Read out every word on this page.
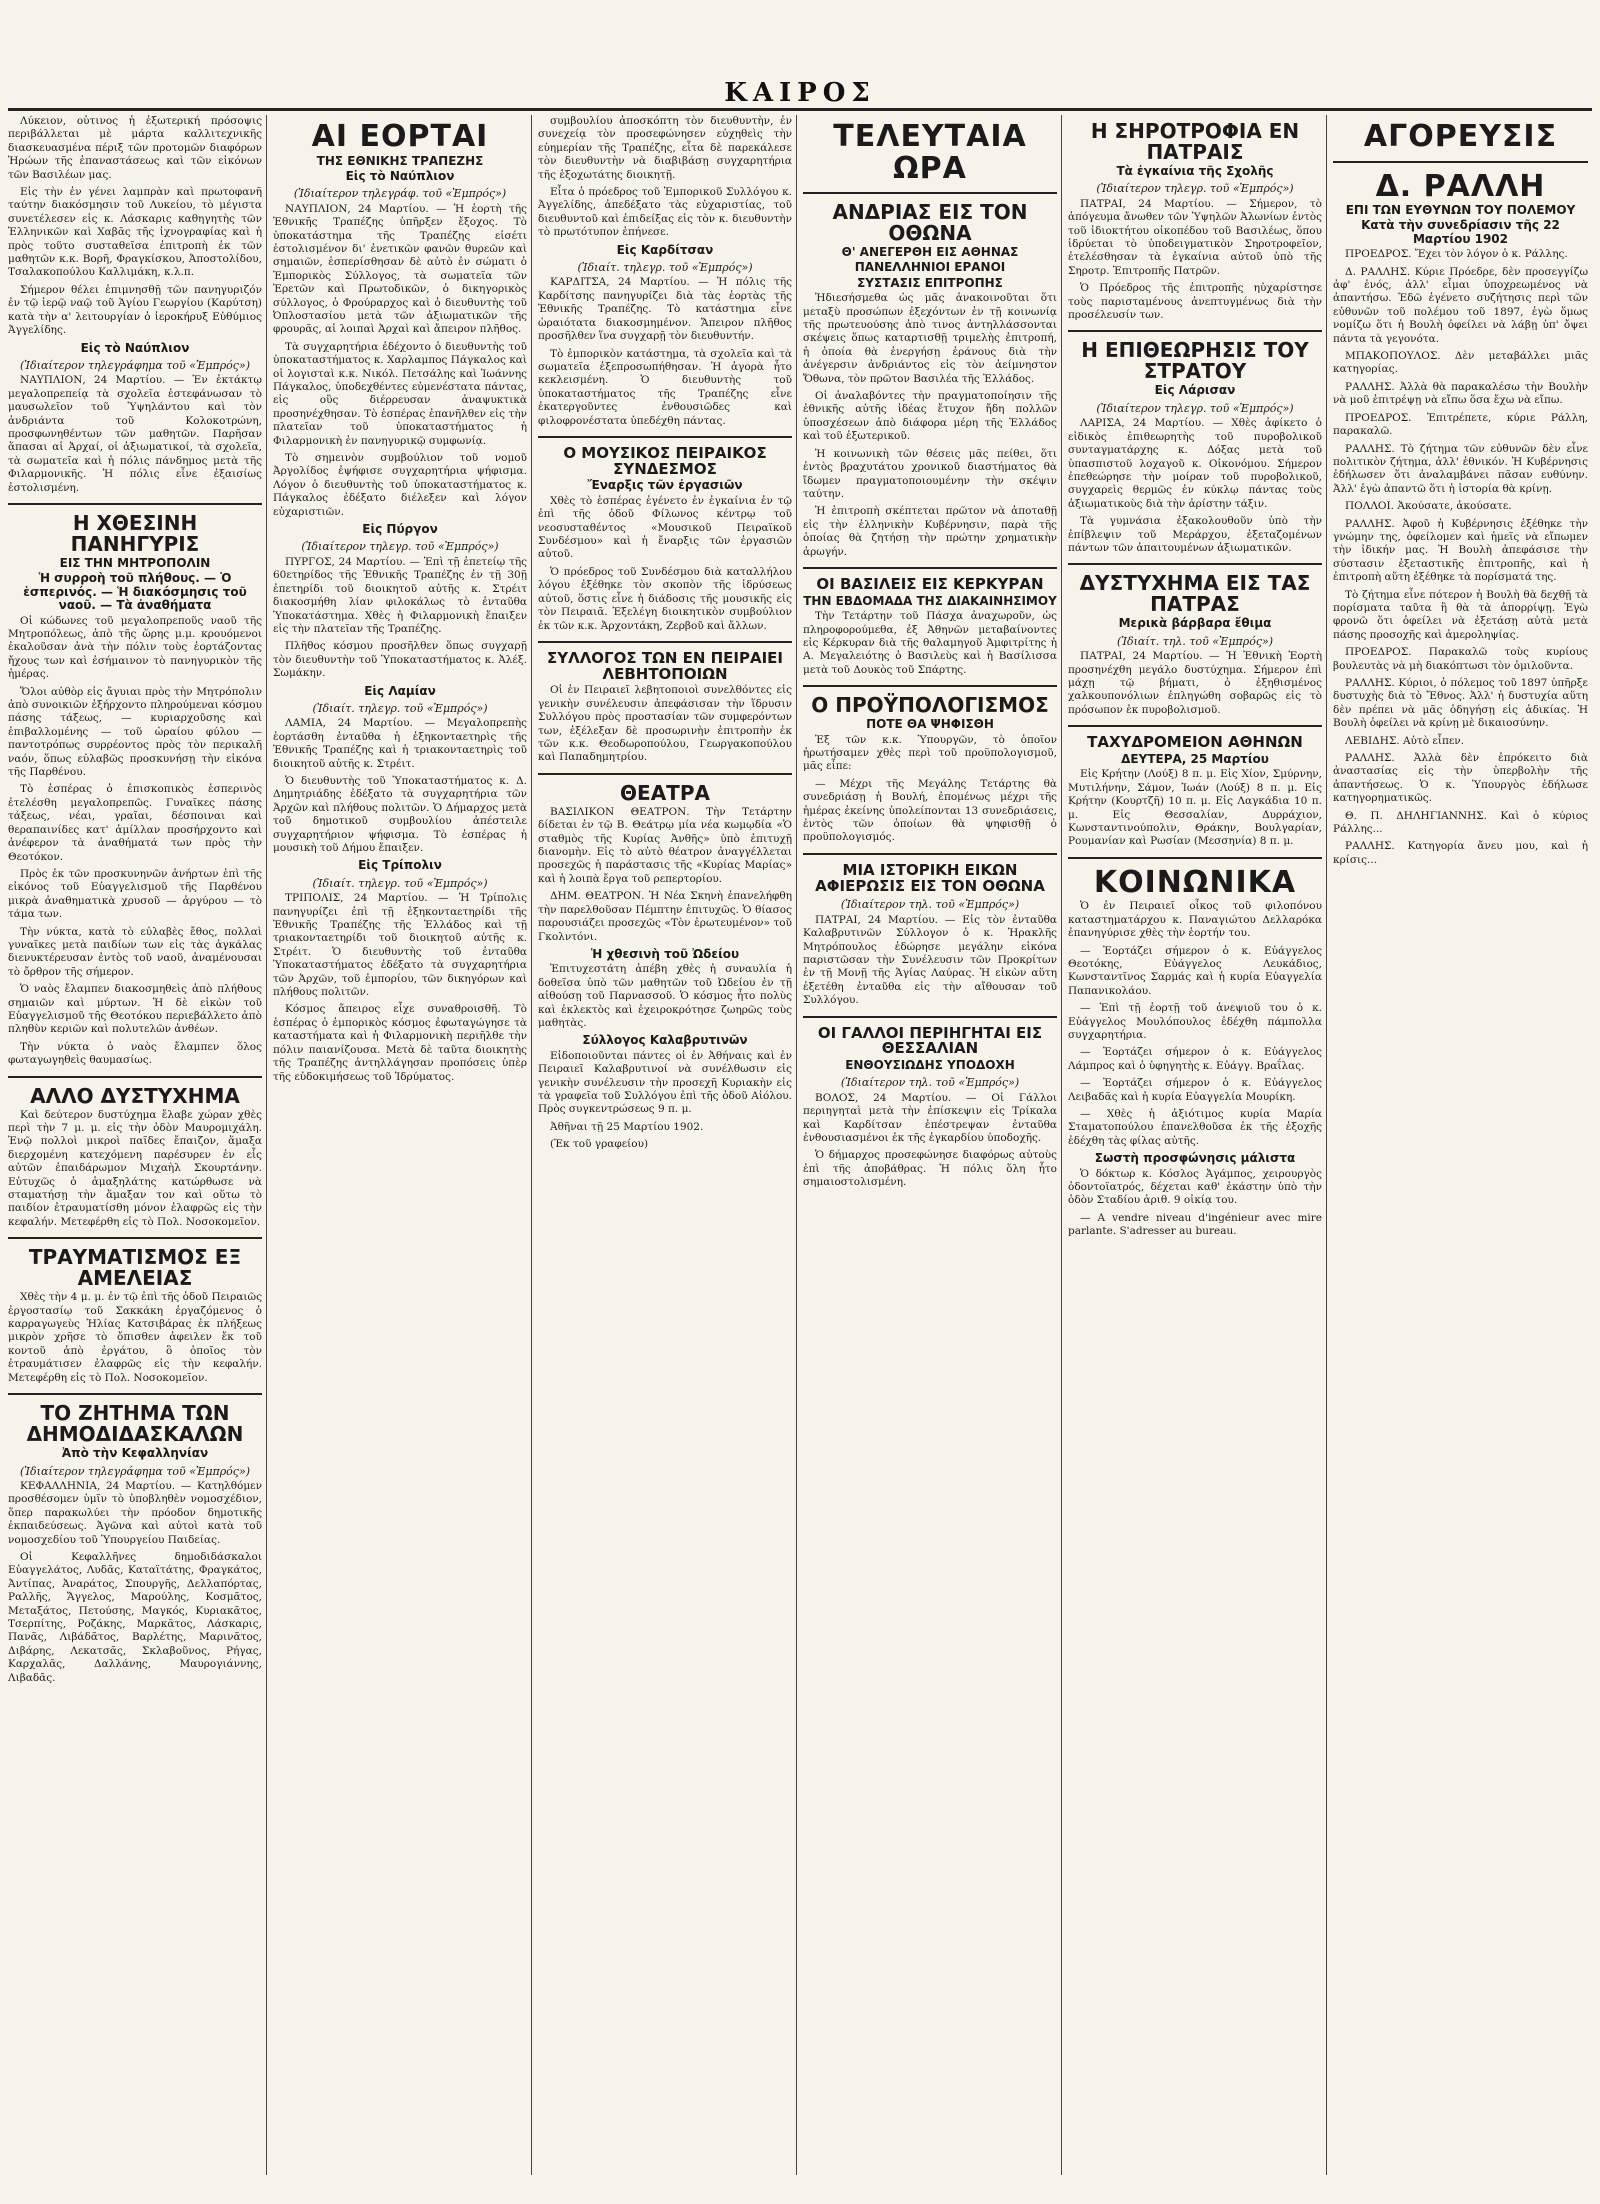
ΚΑΙΡΟΣ

Λύκειον, οὗτινος ἡ ἐξωτερική πρόσοψις περιβάλλεται μὲ μάρτα καλλιτεχνικῆς διασκευασμένα πέριξ τῶν προτομῶν διαφόρων Ἡρώων τῆς ἐπαναστάσεως καὶ τῶν εἰκόνων τῶν Βασιλέων μας.

Εἰς τὴν ἐν γένει λαμπρὰν καὶ πρωτοφανῆ ταύτην διακόσμησιν τοῦ Λυκείου, τὸ μέγιστα συνετέλεσεν εἰς κ. Λάσκαρις καθηγητὴς τῶν Ἑλληνικῶν καὶ Χαβᾶς τῆς ἰχνογραφίας καὶ ἡ πρὸς τοῦτο συσταθεῖσα ἐπιτροπὴ ἐκ τῶν μαθητῶν κ.κ. Βορῆ, Φραγκίσκου, Ἀποστολίδου, Τσαλακοπούλου Καλλιμάκη, κ.λ.π.

Σήμερον θέλει ἐπιμνησθῇ τῶν πανηγυριζόν ἐν τῷ ἱερῷ ναῷ τοῦ Ἁγίου Γεωργίου (Καρύτση) κατὰ τὴν α' λειτουργίαν ὁ ἱεροκήρυξ Εὐθύμιος Ἀγγελίδης.

Εἰς τὸ Ναύπλιον
(Ἰδιαίτερον τηλεγράφημα τοῦ «Ἐμπρός»)

ΝΑΥΠΛΙΟΝ, 24 Μαρτίου. — Ἐν ἐκτάκτῳ μεγαλοπρεπείᾳ τὰ σχολεῖα ἑστεφάνωσαν τὸ μαυσωλεῖον τοῦ Ὑψηλάντου καὶ τὸν ἀνδριάντα τοῦ Κολοκοτρώνη, προσφωνηθέντων τῶν μαθητῶν. Παρῆσαν ἅπασαι αἱ Ἀρχαί, οἱ ἀξιωματικοί, τὰ σχολεῖα, τὰ σωματεῖα καὶ ἡ πόλις πάνδημος μετὰ τῆς Φιλαρμονικῆς. Ἡ πόλις εἶνε ἐξαισίως ἐστολισμένη.

Η ΧΘΕΣΙΝΗ ΠΑΝΗΓΥΡΙΣ
ΕΙΣ ΤΗΝ ΜΗΤΡΟΠΟΛΙΝ
Ἡ συρροὴ τοῦ πλήθους. — Ὁ ἑσπερινός. — Ἡ διακόσμησις τοῦ ναοῦ. — Τὰ ἀναθήματα

Οἱ κώδωνες τοῦ μεγαλοπρεποῦς ναοῦ τῆς Μητροπόλεως, ἀπὸ τῆς ὥρης μ.μ. κρουόμενοι ἐκαλοῦσαν ἀνὰ τὴν πόλιν τοὺς ἑορτάζοντας ἤχους των καὶ ἐσήμαινον τὸ πανηγυρικὸν τῆς ἡμέρας.

Ὅλοι αὐθὸρ εἰς ἄγυιαι πρὸς τὴν Μητρόπολιν ἀπὸ συνοικιῶν ἐξήρχοντο πληρούμεναι κόσμου πάσης τάξεως, — κυριαρχοῦσης καὶ ἐπιβαλλομένης — τοῦ ὡραίου φύλου — παντοτρόπως συρρέοντος πρὸς τὸν περικαλῆ ναόν, ὅπως εὐλαβῶς προσκυνήσῃ τὴν εἰκόνα τῆς Παρθένου.

Τὸ ἑσπέρας ὁ ἐπισκοπικὸς ἑσπερινὸς ἐτελέσθη μεγαλοπρεπῶς. Γυναῖκες πάσης τάξεως, νέαι, γραῖαι, δέσποιναι καὶ θεραπαινίδες κατ' ἀμίλλαν προσήρχοντο καὶ ἀνέφερον τὰ ἀναθήματά των πρὸς τὴν Θεοτόκον.

Πρὸς ἐκ τῶν προσκυνηνῶν ἀνήρτων ἐπὶ τῆς εἰκόνος τοῦ Εὐαγγελισμοῦ τῆς Παρθένου μικρὰ ἀναθηματικὰ χρυσοῦ — ἀργύρου — τὸ τάμα των.

Τὴν νύκτα, κατὰ τὸ εὐλαβὲς ἔθος, πολλαὶ γυναῖκες μετὰ παιδίων των εἰς τὰς ἀγκάλας διενυκτέρευσαν ἐντὸς τοῦ ναοῦ, ἀναμένουσαι τὸ ὄρθρον τῆς σήμερον.

Ὁ ναὸς ἔλαμπεν διακοσμηθεὶς ἀπὸ πλήθους σημαιῶν καὶ μύρτων. Ἡ δὲ εἰκὼν τοῦ Εὐαγγελισμοῦ τῆς Θεοτόκου περιεβάλλετο ἀπὸ πληθὺν κεριῶν καὶ πολυτελῶν ἀνθέων.

Τὴν νύκτα ὁ ναὸς ἔλαμπεν ὅλος φωταγωγηθεὶς θαυμασίως.

ΑΛΛΟ ΔΥΣΤΥΧΗΜΑ

Καὶ δεύτερον δυστύχημα ἔλαβε χώραν χθὲς περὶ τὴν 7 μ. μ. εἰς τὴν ὁδὸν Μαυρομιχάλη. Ἐνῷ πολλοὶ μικροὶ παῖδες ἔπαιζον, ἅμαξα διερχομένη κατεχόμενη παρέσυρεν ἐν εἷς αὐτῶν ἐπαιδάρωμον Μιχαὴλ Σκουρτάνην. Εὐτυχῶς ὁ ἁμαξηλάτης κατώρθωσε νὰ σταματήσῃ τὴν ἅμαξαν τον καὶ οὕτω τὸ παιδίον ἐτραυματίσθη μόνον ἐλαφρῶς εἰς τὴν κεφαλήν. Μετεφέρθη εἰς τὸ Πολ. Νοσοκομεῖον.

ΤΡΑΥΜΑΤΙΣΜΟΣ ΕΞ ΑΜΕΛΕΙΑΣ

Χθὲς τὴν 4 μ. μ. ἐν τῷ ἐπὶ τῆς ὁδοῦ Πειραιῶς ἐργοστασίῳ τοῦ Σακκάκη ἐργαζόμενος ὁ καρραγωγεὺς Ἠλίας Κατσιβάρας ἐκ πλήξεως μικρὸν χρῆσε τὸ ὄπισθεν ἀφειλεν ἔκ τοῦ κοντοῦ ἀπὸ ἐργάτου, ὃ ὁποῖος τὸν ἐτραυμάτισεν ἐλαφρῶς εἰς τὴν κεφαλήν. Μετεφέρθη εἰς τὸ Πολ. Νοσοκομεῖον.

ΤΟ ΖΗΤΗΜΑ ΤΩΝ ΔΗΜΟΔΙΔΑΣΚΑΛΩΝ
Ἀπὸ τὴν Κεφαλληνίαν
(Ἰδιαίτερον τηλεγράφημα τοῦ «Ἐμπρός»)

ΚΕΦΑΛΛΗΝΙΑ, 24 Μαρτίου. — Κατηλθόμεν προσθέσομεν ὑμῖν τὸ ὑποβληθὲν νομοσχέδιον, ὅπερ παρακωλύει τὴν πρόοδον δημοτικῆς ἐκπαιδεύσεως. Ἀγῶνα καὶ αὐτοὶ κατὰ τοῦ νομοσχεδίου τοῦ Ὑπουργείου Παιδείας.

Οἱ Κεφαλλῆνες δημοδιδάσκαλοι Εὐαγγελάτος, Λυδᾶς, Καταϊτάτης, Φραγκάτος, Ἀντίπας, Ἀναράτος, Σπουργῆς, Δελλαπόρτας, Ραλλῆς, Ἄγγελος, Μαρούλης, Κοσμᾶτος, Μεταξάτος, Πετούσης, Μαγκός, Κυριακᾶτος, Τσερπίτης, Ροζάκης, Μαρκᾶτος, Λάσκαρις, Πανᾶς, Λιβάδᾶτος, Βαρλέτης, Μαρινᾶτος, Διβάρης, Λεκατσᾶς, Σκλαβοῦνος, Ρήγας, Καρχαλᾶς, Δαλλάνης, Μαυρογιάννης, Λιβαδᾶς.

ΑΙ ΕΟΡΤΑΙ
ΤΗΣ ΕΘΝΙΚΗΣ ΤΡΑΠΕΖΗΣ
Εἰς τὸ Ναύπλιον
(Ἰδιαίτερον τηλεγράφ. τοῦ «Ἐμπρός»)

ΝΑΥΠΛΙΟΝ, 24 Μαρτίου. — Ἡ ἑορτὴ τῆς Ἐθνικῆς Τραπέζης ὑπῆρξεν ἔξοχος. Τὸ ὑποκατάστημα τῆς Τραπέζης εἰσέτι ἐστολισμένον δι' ἐνετικῶν φανῶν θυρεῶν καὶ σημαιῶν, ἑσπερίσθησαν δὲ αὐτὸ ἐν σώματι ὁ Ἐμπορικὸς Σύλλογος, τὰ σωματεῖα τῶν Ἐρετῶν καὶ Πρωτοδικῶν, ὁ δικηγορικὸς σύλλογος, ὁ Φρούραρχος καὶ ὁ διευθυντὴς τοῦ Ὀπλοστασίου μετὰ τῶν ἀξιωματικῶν τῆς φρουρᾶς, αἱ λοιπαὶ Ἀρχαὶ καὶ ἄπειρον πλῆθος.

Τὰ συγχαρητήρια ἐδέχοντο ὁ διευθυντὴς τοῦ ὑποκαταστήματος κ. Χαρλαμπος Πάγκαλος καὶ οἱ λογισταὶ κ.κ. Νικόλ. Πετσάλης καὶ Ἰωάννης Πάγκαλος, ὑποδεχθέντες εὐμενέστατα πάντας, εἰς οὓς διέρρευσαν ἀναψυκτικὰ προσηνέχθησαν. Τὸ ἑσπέρας ἐπανῆλθεν εἰς τὴν πλατεῖαν τοῦ ὑποκαταστήματος ἡ Φιλαρμονικὴ ἐν πανηγυρικῷ συμφωνίᾳ.

Τὸ σημεινὸν συμβούλιον τοῦ νομοῦ Ἀργολίδος ἐψήφισε συγχαρητήρια ψήφισμα. Λόγον ὁ διευθυντὴς τοῦ ὑποκαταστήματος κ. Πάγκαλος ἐδέξατο διέλεξεν καὶ λόγον εὐχαριστιῶν.

Εἰς Πύργον
(Ἰδιαίτερον τηλεγρ. τοῦ «Ἐμπρός»)

ΠΥΡΓΟΣ, 24 Μαρτίου. — Ἐπὶ τῇ ἐπετείῳ τῆς 60ετηρίδος τῆς Ἐθνικῆς Τραπέζης ἐν τῇ 30ῇ ἐπετηρίδι τοῦ διοικητοῦ αὐτῆς κ. Στρέιτ διακοσμήθη λίαν φιλοκάλως τὸ ἐνταῦθα Ὑποκατάστημα. Χθὲς ἡ Φιλαρμονικὴ ἔπαιξεν εἰς τὴν πλατεῖαν τῆς Τραπέζης.

Πλῆθος κόσμου προσῆλθεν ὅπως συγχαρῇ τὸν διευθυντὴν τοῦ Ὑποκαταστήματος κ. Ἀλέξ. Σωμάκην.

Εἰς Λαμίαν
(Ἰδιαίτ. τηλεγρ. τοῦ «Ἐμπρός»)

ΛΑΜΙΑ, 24 Μαρτίου. — Μεγαλοπρεπὴς ἑορτάσθη ἐνταῦθα ἡ ἑξηκονταετηρὶς τῆς Ἐθνικῆς Τραπέζης καὶ ἡ τριακονταετηρὶς τοῦ διοικητοῦ αὐτῆς κ. Στρέιτ.

Ὁ διευθυντὴς τοῦ Ὑποκαταστήματος κ. Δ. Δημητριάδης ἐδέξατο τὰ συγχαρητήρια τῶν Ἀρχῶν καὶ πλήθους πολιτῶν. Ὁ Δήμαρχος μετὰ τοῦ δημοτικοῦ συμβουλίου ἀπέστειλε συγχαρητήριον ψήφισμα. Τὸ ἑσπέρας ἡ μουσικὴ τοῦ Δήμου ἔπαιξεν.

Εἰς Τρίπολιν
(Ἰδιαίτ. τηλεγρ. τοῦ «Ἐμπρός»)

ΤΡΙΠΟΛΙΣ, 24 Μαρτίου. — Ἡ Τρίπολις πανηγυρίζει ἐπὶ τῇ ἑξηκονταετηρίδι τῆς Ἐθνικῆς Τραπέζης τῆς Ἑλλάδος καὶ τῇ τριακονταετηρίδι τοῦ διοικητοῦ αὐτῆς κ. Στρέιτ. Ὁ διευθυντὴς τοῦ ἐνταῦθα Ὑποκαταστήματος ἐδέξατο τὰ συγχαρητήρια τῶν Ἀρχῶν, τοῦ ἐμπορίου, τῶν δικηγόρων καὶ πλήθους πολιτῶν.

Κόσμος ἄπειρος εἶχε συναθροισθῆ. Τὸ ἑσπέρας ὁ ἐμπορικὸς κόσμος ἐφωταγώγησε τὰ καταστήματα καὶ ἡ Φιλαρμονικὴ περιῆλθε τὴν πόλιν παιανίζουσα. Μετὰ δὲ ταῦτα διοικητὴς τῆς Τραπέζης ἀντηλλάγησαν προπόσεις ὑπὲρ τῆς εὐδοκιμήσεως τοῦ Ἱδρύματος.

συμβουλίου ἀποσκόπτη τὸν διευθυντὴν, ἐν συνεχείᾳ τὸν προσεφώνησεν εὐχηθεὶς τὴν εὐημερίαν τῆς Τραπέζης, εἶτα δὲ παρεκάλεσε τὸν διευθυντὴν νὰ διαβιβάσῃ συγχαρητήρια τῆς ἑξοχωτάτης διοικητῇ.

Εἶτα ὁ πρόεδρος τοῦ Ἐμπορικοῦ Συλλόγου κ. Ἀγγελίδης, ἀπεδέξατο τὰς εὐχαριστίας, τοῦ διευθυντοῦ καὶ ἐπιδείξας εἰς τὸν κ. διευθυντὴν τὸ πρωτότυπον ἐπήνεσε.

Εἰς Καρδίτσαν
(Ἰδιαίτ. τηλεγρ. τοῦ «Ἐμπρός»)

ΚΑΡΔΙΤΣΑ, 24 Μαρτίου. — Ἡ πόλις τῆς Καρδίτσης πανηγυρίζει διὰ τὰς ἑορτὰς τῆς Ἐθνικῆς Τραπέζης. Τὸ κατάστημα εἶνε ὡραιότατα διακοσμημένον. Ἄπειρον πλῆθος προσῆλθεν ἵνα συγχαρῇ τὸν διευθυντήν.

Τὸ ἐμπορικὸν κατάστημα, τὰ σχολεῖα καὶ τὰ σωματεῖα ἐξεπροσωπήθησαν. Ἡ ἀγορὰ ἦτο κεκλεισμένη. Ὁ διευθυντὴς τοῦ ὑποκαταστήματος τῆς Τραπέζης εἶνε ἐκατεργοῦντες ἐνθουσιῶδες καὶ φιλοφρονέστατα ὑπεδέχθη πάντας.

Ο ΜΟΥΣΙΚΟΣ ΠΕΙΡΑΙΚΟΣ ΣΥΝΔΕΣΜΟΣ
Ἔναρξις τῶν ἐργασιῶν

Χθὲς τὸ ἑσπέρας ἐγένετο ἐν ἐγκαίνια ἐν τῷ ἐπὶ τῆς ὁδοῦ Φίλωνος κέντρῳ τοῦ νεοσυσταθέντος «Μουσικοῦ Πειραϊκοῦ Συνδέσμου» καὶ ἡ ἔναρξις τῶν ἐργασιῶν αὐτοῦ.

Ὁ πρόεδρος τοῦ Συνδέσμου διὰ καταλλήλου λόγου ἐξέθηκε τὸν σκοπὸν τῆς ἱδρύσεως αὐτοῦ, ὅστις εἶνε ἡ διάδοσις τῆς μουσικῆς εἰς τὸν Πειραιᾶ. Ἐξελέγη διοικητικὸν συμβούλιον ἐκ τῶν κ.κ. Ἀρχοντάκη, Ζερβοῦ καὶ ἄλλων.

ΣΥΛΛΟΓΟΣ ΤΩΝ ΕΝ ΠΕΙΡΑΙΕΙ ΛΕΒΗΤΟΠΟΙΩΝ

Οἱ ἐν Πειραιεῖ λεβητοποιοὶ συνελθόντες εἰς γενικὴν συνέλευσιν ἀπεφάσισαν τὴν ἵδρυσιν Συλλόγου πρὸς προστασίαν τῶν συμφερόντων των, ἐξέλεξαν δὲ προσωρινὴν ἐπιτροπὴν ἐκ τῶν κ.κ. Θεοδωροπούλου, Γεωργακοπούλου καὶ Παπαδημητρίου.

ΘΕΑΤΡΑ

ΒΑΣΙΛΙΚΟΝ ΘΕΑΤΡΟΝ. Τὴν Τετάρτην δίδεται ἐν τῷ Β. Θεάτρῳ μία νέα κωμῳδία «Ὁ σταθμὸς τῆς Κυρίας Ἀνθῆς» ὑπὸ ἐπιτυχῇ διανομὴν. Εἰς τὸ αὐτὸ θέατρον ἀναγγέλλεται προσεχῶς ἡ παράστασις τῆς «Κυρίας Μαρίας» καὶ ἡ λοιπὰ ἔργα τοῦ ρεπερτορίου.

ΔΗΜ. ΘΕΑΤΡΟΝ. Ἡ Νέα Σκηνὴ ἐπανελήφθη τὴν παρελθοῦσαν Πέμπτην ἐπιτυχῶς. Ὁ θίασος παρουσιάζει προσεχῶς «Τὸν ἐρωτευμένον» τοῦ Γκολντόνι.

Ἡ χθεσινὴ τοῦ Ὠδείου

Ἐπιτυχεστάτη ἀπέβη χθὲς ἡ συναυλία ἡ δοθεῖσα ὑπὸ τῶν μαθητῶν τοῦ Ὠδείου ἐν τῇ αἰθούσῃ τοῦ Παρνασσοῦ. Ὁ κόσμος ἦτο πολὺς καὶ ἐκλεκτὸς καὶ ἐχειροκρότησε ζωηρῶς τοὺς μαθητὰς.

Σύλλογος Καλαβρυτινῶν

Εἰδοποιοῦνται πάντες οἱ ἐν Ἀθήναις καὶ ἐν Πειραιεῖ Καλαβρυτινοί νὰ συνέλθωσιν εἰς γενικὴν συνέλευσιν τὴν προσεχῆ Κυριακὴν εἰς τὰ γραφεῖα τοῦ Συλλόγου ἐπὶ τῆς ὁδοῦ Αἰόλου. Πρὸς συγκεντρώσεως 9 π. μ.

Ἀθῆναι τῇ 25 Μαρτίου 1902.

(Ἐκ τοῦ γραφείου)

ΤΕΛΕΥΤΑΙΑ ΩΡΑ
ΑΝΔΡΙΑΣ ΕΙΣ ΤΟΝ ΟΘΩΝΑ
Θ' ΑΝΕΓΕΡΘΗ ΕΙΣ ΑΘΗΝΑΣ
ΠΑΝΕΛΛΗΝΙΟΙ ΕΡΑΝΟΙ
ΣΥΣΤΑΣΙΣ ΕΠΙΤΡΟΠΗΣ

Ἠδιεσήσμεθα ὡς μᾶς ἀνακοινοῦται ὅτι μεταξὺ προσώπων ἐξεχόντων ἐν τῇ κοινωνίᾳ τῆς πρωτευούσης ἀπὸ τινος ἀντηλλάσσονται σκέψεις ὅπως καταρτισθῇ τριμελὴς ἐπιτροπή, ἡ ὁποία θὰ ἐνεργήσῃ ἐράνους διὰ τὴν ἀνέγερσιν ἀνδριάντος εἰς τὸν ἀείμνηστον Ὄθωνα, τὸν πρῶτον Βασιλέα τῆς Ἑλλάδος.

Οἱ ἀναλαβόντες τὴν πραγματοποίησιν τῆς ἐθνικῆς αὐτῆς ἰδέας ἔτυχον ἤδη πολλῶν ὑποσχέσεων ἀπὸ διάφορα μέρη τῆς Ἑλλάδος καὶ τοῦ ἐξωτερικοῦ.

Ἡ κοινωνικὴ τῶν θέσεις μᾶς πείθει, ὅτι ἐντὸς βραχυτάτου χρονικοῦ διαστήματος θὰ ἴδωμεν πραγματοποιουμένην τὴν σκέψιν ταύτην.

Ἡ ἐπιτροπὴ σκέπτεται πρῶτον νὰ ἀποταθῇ εἰς τὴν ἑλληνικὴν Κυβέρνησιν, παρὰ τῆς ὁποίας θὰ ζητήσῃ τὴν πρώτην χρηματικὴν ἀρωγήν.

ΟΙ ΒΑΣΙΛΕΙΣ ΕΙΣ ΚΕΡΚΥΡΑΝ
ΤΗΝ ΕΒΔΟΜΑΔΑ ΤΗΣ ΔΙΑΚΑΙΝΗΣΙΜΟΥ

Τὴν Τετάρτην τοῦ Πάσχα ἀναχωροῦν, ὡς πληροφορούμεθα, ἐξ Ἀθηνῶν μεταβαίνοντες εἰς Κέρκυραν διὰ τῆς θαλαμηγοῦ Ἀμφιτρίτης ἡ Α. Μεγαλειότης ὁ Βασιλεὺς καὶ ἡ Βασίλισσα μετὰ τοῦ Δουκὸς τοῦ Σπάρτης.

Ο ΠΡΟΫΠΟΛΟΓΙΣΜΟΣ
ΠΟΤΕ ΘΑ ΨΗΦΙΣΘΗ

Ἐξ τῶν κ.κ. Ὑπουργῶν, τὸ ὁποῖον ἠρωτήσαμεν χθὲς περὶ τοῦ προϋπολογισμοῦ, μᾶς εἶπε:

— Μέχρι τῆς Μεγάλης Τετάρτης θὰ συνεδριάσῃ ἡ Βουλή, ἐπομένως μέχρι τῆς ἡμέρας ἐκείνης ὑπολείπονται 13 συνεδριάσεις, ἐντὸς τῶν ὁποίων θὰ ψηφισθῇ ὁ προϋπολογισμός.

ΜΙΑ ΙΣΤΟΡΙΚΗ ΕΙΚΩΝ ΑΦΙΕΡΩΣΙΣ ΕΙΣ ΤΟΝ ΟΘΩΝΑ
(Ἰδιαίτερον τηλ. τοῦ «Ἐμπρός»)

ΠΑΤΡΑΙ, 24 Μαρτίου. — Εἰς τὸν ἐνταῦθα Καλαβρυτινῶν Σύλλογον ὁ κ. Ἠρακλῆς Μητρόπουλος ἐδώρησε μεγάλην εἰκόνα παριστῶσαν τὴν Συνέλευσιν τῶν Προκρίτων ἐν τῇ Μονῇ τῆς Ἁγίας Λαύρας. Ἡ εἰκὼν αὕτη ἐξετέθη ἐνταῦθα εἰς τὴν αἴθουσαν τοῦ Συλλόγου.

ΟΙ ΓΑΛΛΟΙ ΠΕΡΙΗΓΗΤΑΙ ΕΙΣ ΘΕΣΣΑΛΙΑΝ
ΕΝΘΟΥΣΙΩΔΗΣ ΥΠΟΔΟΧΗ
(Ἰδιαίτερον τηλ. τοῦ «Ἐμπρός»)

ΒΟΛΟΣ, 24 Μαρτίου. — Οἱ Γάλλοι περιηγηταὶ μετὰ τὴν ἐπίσκεψιν εἰς Τρίκαλα καὶ Καρδίτσαν ἐπέστρεψαν ἐνταῦθα ἐνθουσιασμένοι ἐκ τῆς ἐγκαρδίου ὑποδοχῆς.

Ὁ δήμαρχος προσεφώνησε διαφόρως αὐτοὺς ἐπὶ τῆς ἀποβάθρας. Ἡ πόλις ὅλη ἦτο σημαιοστολισμένη.

Η ΣΗΡΟΤΡΟΦΙΑ ΕΝ ΠΑΤΡΑΙΣ
Τὰ ἐγκαίνια τῆς Σχολῆς
(Ἰδιαίτερον τηλεγρ. τοῦ «Ἐμπρός»)

ΠΑΤΡΑΙ, 24 Μαρτίου. — Σήμερον, τὸ ἀπόγευμα ἄνωθεν τῶν Ὑψηλῶν Ἀλωνίων ἐντὸς τοῦ ἰδιοκτήτου οἰκοπέδου τοῦ Βασιλέως, ὅπου ἱδρύεται τὸ ὑποδειγματικὸν Σηροτροφεῖον, ἐτελέσθησαν τὰ ἐγκαίνια αὐτοῦ ὑπὸ τῆς Σηροτρ. Ἐπιτροπῆς Πατρῶν.

Ὁ Πρόεδρος τῆς ἐπιτροπῆς ηὐχαρίστησε τοὺς παρισταμένους ἀνεπτυγμένως διὰ τὴν προσέλευσίν των.

Η ΕΠΙΘΕΩΡΗΣΙΣ ΤΟΥ ΣΤΡΑΤΟΥ
Εἰς Λάρισαν
(Ἰδιαίτερον τηλεγρ. τοῦ «Ἐμπρός»)

ΛΑΡΙΣΑ, 24 Μαρτίου. — Χθὲς ἀφίκετο ὁ εἰδικὸς ἐπιθεωρητὴς τοῦ πυροβολικοῦ συνταγματάρχης κ. Δόξας μετὰ τοῦ ὑπασπιστοῦ λοχαγοῦ κ. Οἰκονόμου. Σήμερον ἐπεθεώρησε τὴν μοίραν τοῦ πυροβολικοῦ, συγχαρεὶς θερμῶς ἐν κύκλῳ πάντας τοὺς ἀξιωματικοὺς διὰ τὴν ἀρίστην τάξιν.

Τὰ γυμνάσια ἐξακολουθοῦν ὑπὸ τὴν ἐπίβλεψιν τοῦ Μεράρχου, ἐξεταζομένων πάντων τῶν ἀπαιτουμένων ἀξιωματικῶν.

ΔΥΣΤΥΧΗΜΑ ΕΙΣ ΤΑΣ ΠΑΤΡΑΣ
Μερικὰ βάρβαρα ἔθιμα
(Ἰδιαίτ. τηλ. τοῦ «Ἐμπρός»)

ΠΑΤΡΑΙ, 24 Μαρτίου. — Ἡ Ἐθνικὴ Ἑορτὴ προσηνέχθη μεγάλο δυστύχημα. Σήμερον ἐπὶ μάχῃ τῷ βήματι, ὁ ἐξηθισμένος χαλκουπονόλιων ἐπληγώθη σοβαρῶς εἰς τὸ πρόσωπον ἐκ πυροβολισμοῦ.

ΤΑΧΥΔΡΟΜΕΙΟΝ ΑΘΗΝΩΝ
ΔΕΥΤΕΡΑ, 25 Μαρτίου

Εἰς Κρήτην (Λούξ) 8 π. μ. Εἰς Χίον, Σμύρνην, Μυτιλήνην, Σάμον, Ἰωάν (Λούξ) 8 π. μ. Εἰς Κρήτην (Κουρτζῆ) 10 π. μ. Εἰς Λαγκάδια 10 π. μ. Εἰς Θεσσαλίαν, Δυρράχιον, Κωνσταντινούπολιν, Θράκην, Βουλγαρίαν, Ρουμανίαν καὶ Ρωσίαν (Μεσσηνία) 8 π. μ.

ΚΟΙΝΩΝΙΚΑ

Ὁ ἐν Πειραιεῖ οἶκος τοῦ φιλοπόνου καταστηματάρχου κ. Παναγιώτου Δελλαρόκα ἐπανηγύρισε χθὲς τὴν ἑορτήν του.

— Ἑορτάζει σήμερον ὁ κ. Εὐάγγελος Θεοτόκης, Εὐάγγελος Λευκάδιος, Κωνσταντῖνος Σαρμάς καὶ ἡ κυρία Εὐαγγελία Παπανικολάου.

— Ἐπὶ τῇ ἑορτῇ τοῦ ἀνεψιοῦ του ὁ κ. Εὐάγγελος Μουλόπουλος ἐδέχθη πάμπολλα συγχαρητήρια.

— Ἑορτάζει σήμερον ὁ κ. Εὐάγγελος Λάμπρος καὶ ὁ ὑφηγητὴς κ. Εὐάγγ. Βραΐλας.

— Ἑορτάζει σήμερον ὁ κ. Εὐάγγελος Λειβαδᾶς καὶ ἡ κυρία Εὐαγγελία Μουρίκη.

— Χθὲς ἡ ἀξιότιμος κυρία Μαρία Σταματοπούλου ἐπανελθοῦσα ἐκ τῆς ἐξοχῆς ἐδέχθη τὰς φίλας αὐτῆς.

Σωστὴ προσφώνησις μάλιστα

Ὁ δόκτωρ κ. Κόσλος Ἀγάμπος, χειρουργὸς ὀδοντοϊατρός, δέχεται καθ' ἑκάστην ὑπὸ τὴν ὁδὸν Σταδίου ἀριθ. 9 οἰκίᾳ του.

— A vendre niveau d'ingénieur avec mire parlante. S'adresser au bureau.

ΑΓΟΡΕΥΣΙΣ
Δ. ΡΑΛΛΗ
ΕΠΙ ΤΩΝ ΕΥΘΥΝΩΝ ΤΟΥ ΠΟΛΕΜΟΥ
Κατὰ τὴν συνεδρίασιν τῆς 22 Μαρτίου 1902

ΠΡΟΕΔΡΟΣ. Ἔχει τὸν λόγον ὁ κ. Ράλλης.

Δ. ΡΑΛΛΗΣ. Κύριε Πρόεδρε, δὲν προσεγγίζω ἀφ' ἑνός, ἀλλ' εἶμαι ὑποχρεωμένος νὰ ἀπαντήσω. Ἐδῶ ἐγένετο συζήτησις περὶ τῶν εὐθυνῶν τοῦ πολέμου τοῦ 1897, ἐγὼ ὅμως νομίζω ὅτι ἡ Βουλὴ ὀφείλει νὰ λάβῃ ὑπ' ὄψει πάντα τὰ γεγονότα.

ΜΠΑΚΟΠΟΥΛΟΣ. Δὲν μεταβάλλει μιᾶς κατηγορίας.

ΡΑΛΛΗΣ. Ἀλλὰ θὰ παρακαλέσω τὴν Βουλὴν νὰ μοῦ ἐπιτρέψῃ νὰ εἴπω ὅσα ἔχω νὰ εἴπω.

ΠΡΟΕΔΡΟΣ. Ἐπιτρέπετε, κύριε Ράλλη, παρακαλῶ.

ΡΑΛΛΗΣ. Τὸ ζήτημα τῶν εὐθυνῶν δὲν εἶνε πολιτικὸν ζήτημα, ἀλλ' ἐθνικόν. Ἡ Κυβέρνησις ἐδήλωσεν ὅτι ἀναλαμβάνει πᾶσαν ευθύνην. Ἀλλ' ἐγὼ ἀπαντῶ ὅτι ἡ ἱστορία θὰ κρίνῃ.

ΠΟΛΛΟΙ. Ἀκούσατε, ἀκούσατε.

ΡΑΛΛΗΣ. Ἀφοῦ ἡ Κυβέρνησις ἐξέθηκε τὴν γνώμην της, ὀφείλομεν καὶ ἡμεῖς νὰ εἴπωμεν τὴν ἰδικήν μας. Ἡ Βουλὴ ἀπεφάσισε τὴν σύστασιν ἐξεταστικῆς ἐπιτροπῆς, καὶ ἡ ἐπιτροπὴ αὕτη ἐξέθηκε τὰ πορίσματά της.

Τὸ ζήτημα εἶνε πότερον ἡ Βουλὴ θὰ δεχθῇ τὰ πορίσματα ταῦτα ἢ θὰ τὰ ἀπορρίψῃ. Ἐγὼ φρονῶ ὅτι ὀφείλει νὰ ἐξετάσῃ αὐτὰ μετὰ πάσης προσοχῆς καὶ ἀμεροληψίας.

ΠΡΟΕΔΡΟΣ. Παρακαλῶ τοὺς κυρίους βουλευτὰς νὰ μὴ διακόπτωσι τὸν ὁμιλοῦντα.

ΡΑΛΛΗΣ. Κύριοι, ὁ πόλεμος τοῦ 1897 ὑπῆρξε δυστυχὴς διὰ τὸ Ἔθνος. Ἀλλ' ἡ δυστυχία αὕτη δὲν πρέπει νὰ μᾶς ὁδηγήσῃ εἰς ἀδικίας. Ἡ Βουλὴ ὀφείλει νὰ κρίνῃ μὲ δικαιοσύνην.

ΛΕΒΙΔΗΣ. Αὐτὸ εἶπεν.

ΡΑΛΛΗΣ. Ἀλλὰ δὲν ἐπρόκειτο διὰ ἀναστασίας εἰς τὴν ὑπερβολὴν τῆς ἀπαντήσεως. Ὁ κ. Ὑπουργὸς ἐδήλωσε κατηγορηματικῶς.

Θ. Π. ΔΗΛΗΓΙΑΝΝΗΣ. Καὶ ὁ κύριος Ράλλης...

ΡΑΛΛΗΣ. Κατηγορία ἄνευ μου, καὶ ἡ κρίσις...
